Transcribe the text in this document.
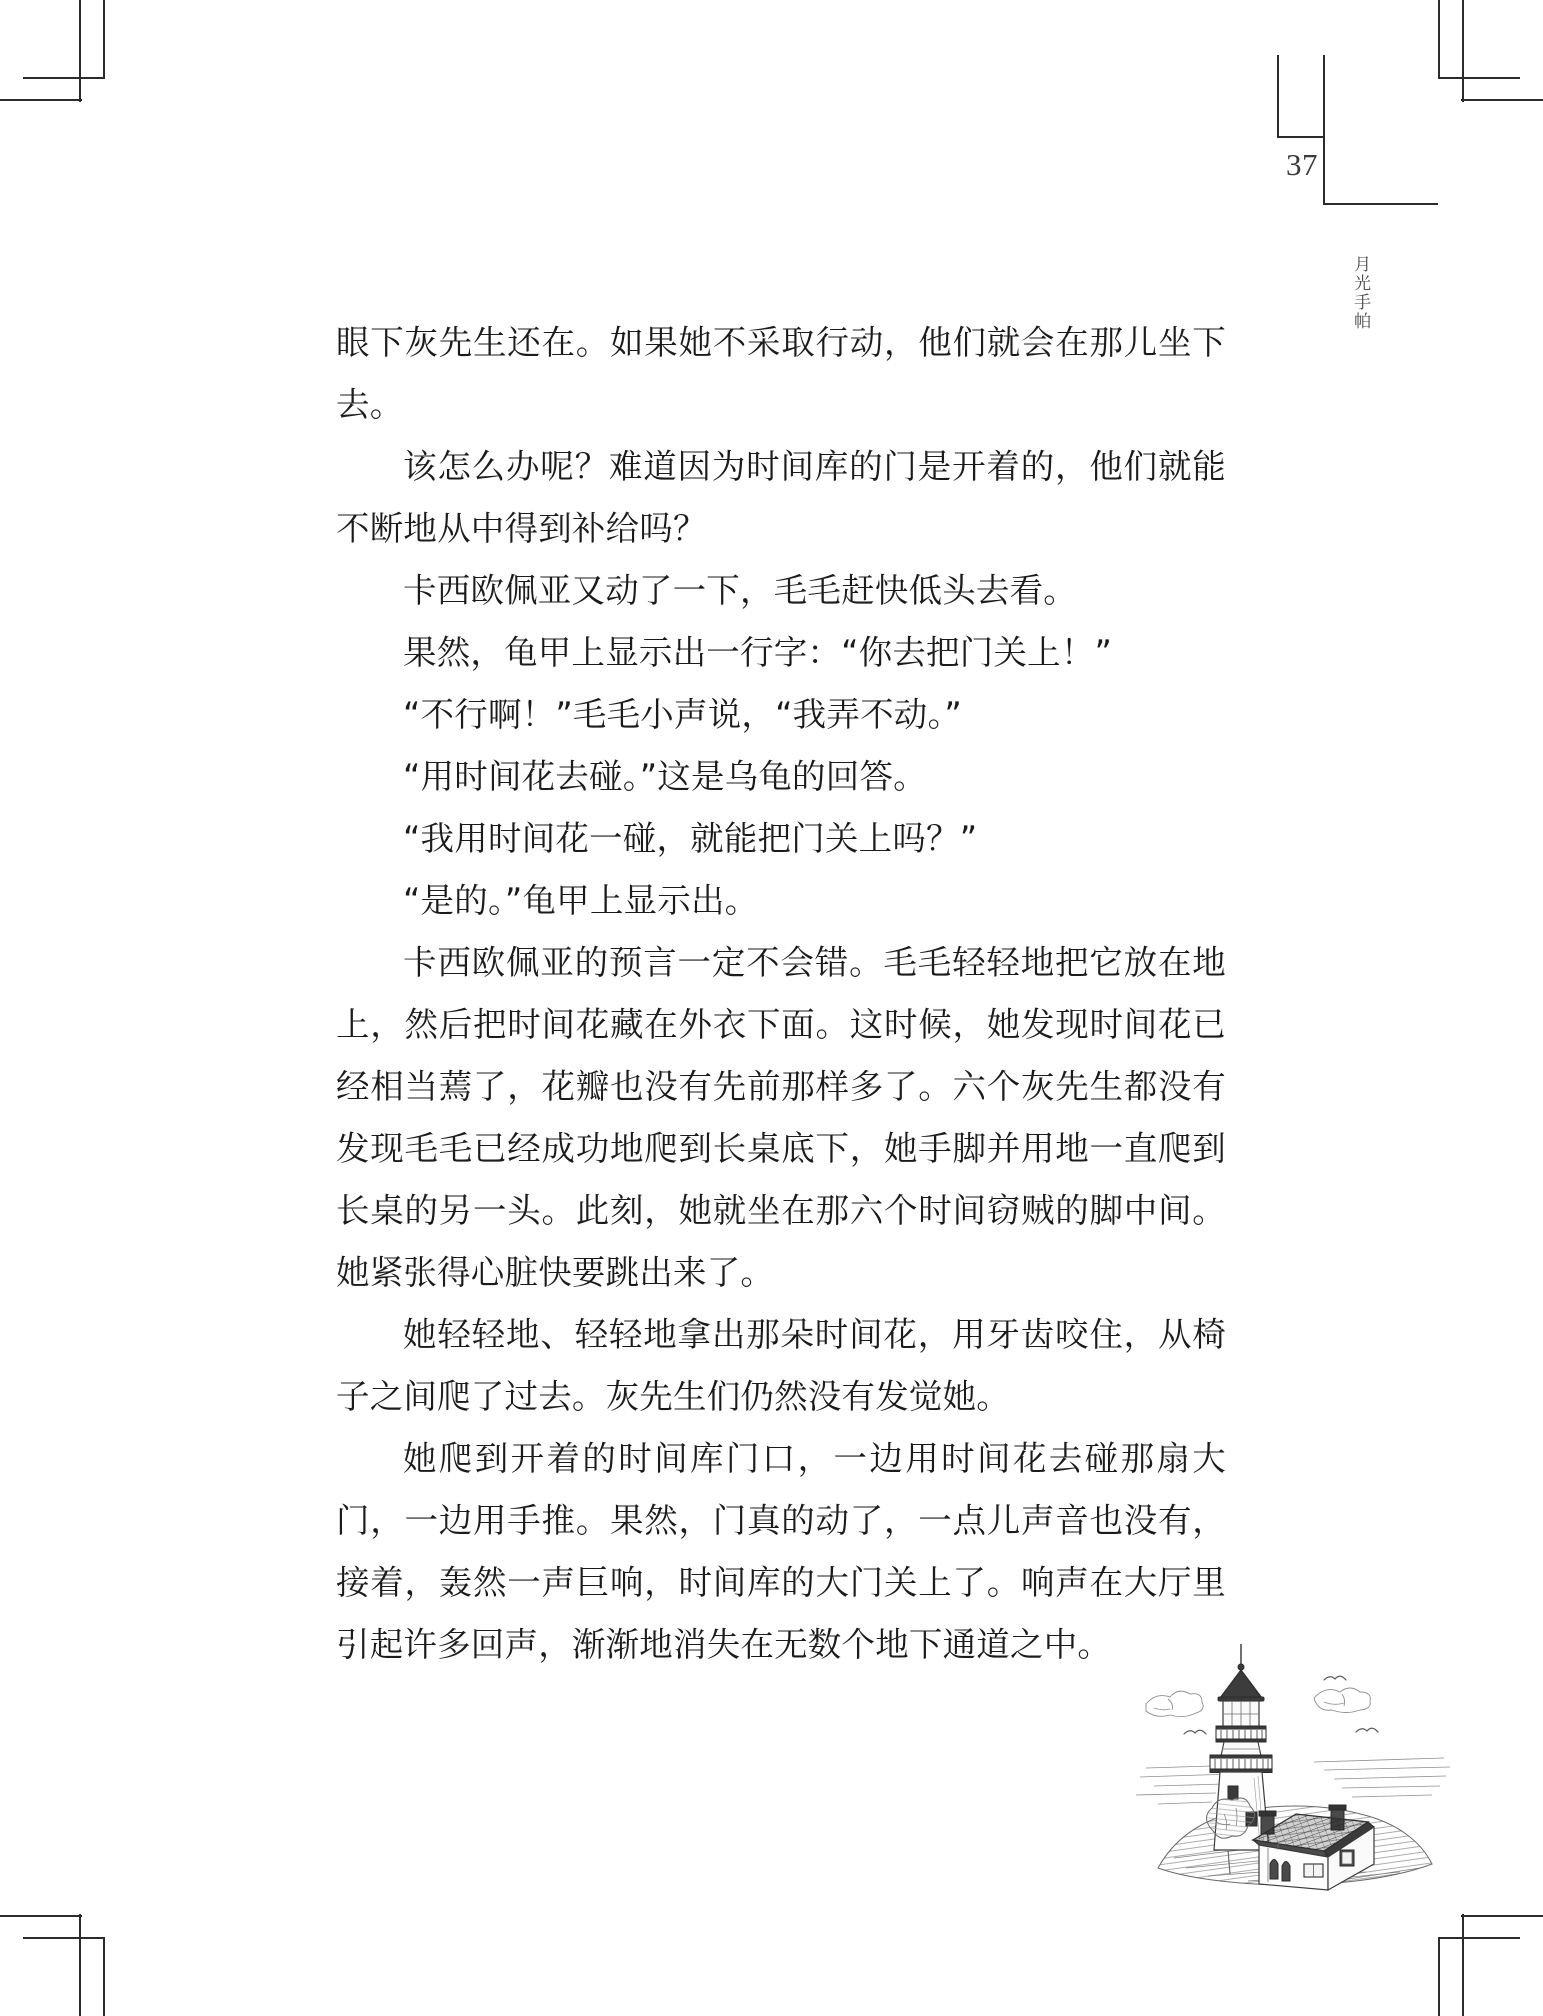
37
月光手帕

眼下灰先生还在。如果她不采取行动，他们就会在那儿坐下去。

该怎么办呢？难道因为时间库的门是开着的，他们就能不断地从中得到补给吗？

卡西欧佩亚又动了一下，毛毛赶快低头去看。

果然，龟甲上显示出一行字：“你去把门关上！”

“不行啊！”毛毛小声说，“我弄不动。”

“用时间花去碰。”这是乌龟的回答。

“我用时间花一碰，就能把门关上吗？”

“是的。”龟甲上显示出。

卡西欧佩亚的预言一定不会错。毛毛轻轻地把它放在地上，然后把时间花藏在外衣下面。这时候，她发现时间花已经相当蔫了，花瓣也没有先前那样多了。六个灰先生都没有发现毛毛已经成功地爬到长桌底下，她手脚并用地一直爬到长桌的另一头。此刻，她就坐在那六个时间窃贼的脚中间。她紧张得心脏快要跳出来了。

她轻轻地、轻轻地拿出那朵时间花，用牙齿咬住，从椅子之间爬了过去。灰先生们仍然没有发觉她。

她爬到开着的时间库门口，一边用时间花去碰那扇大门，一边用手推。果然，门真的动了，一点儿声音也没有，接着，轰然一声巨响，时间库的大门关上了。响声在大厅里引起许多回声，渐渐地消失在无数个地下通道之中。
